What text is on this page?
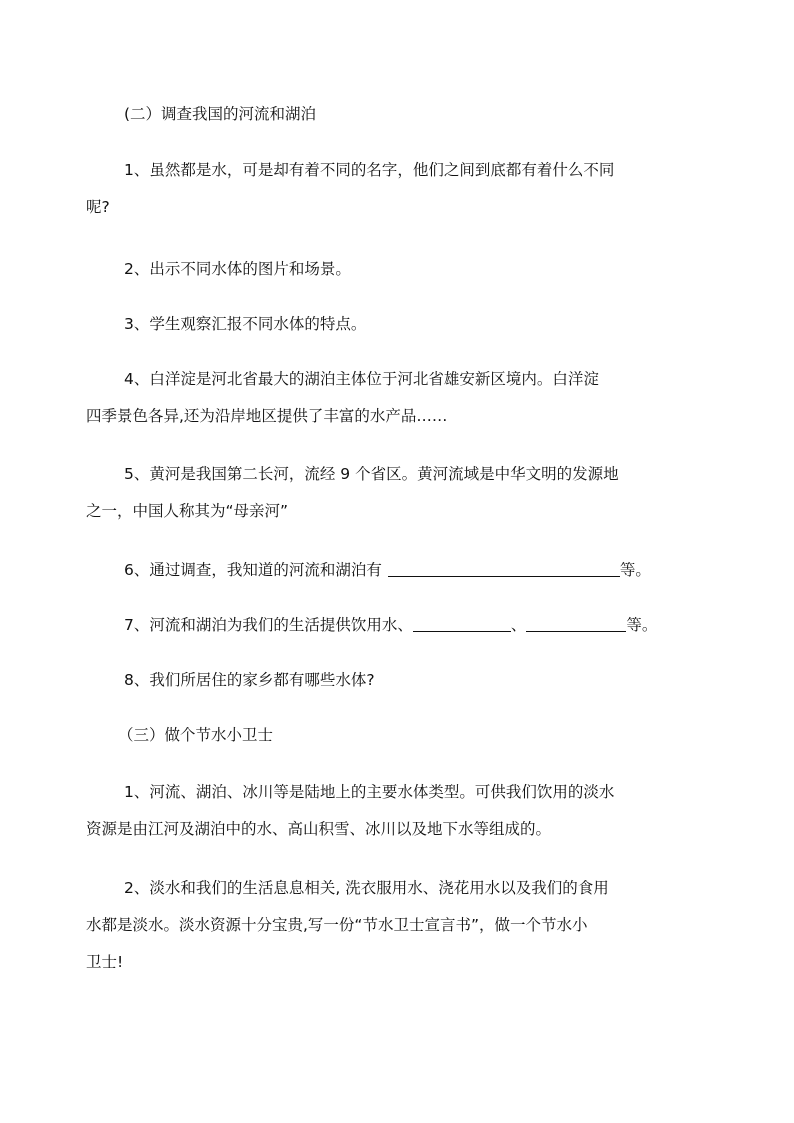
(二）调查我国的河流和湖泊

1、虽然都是水，可是却有着不同的名字，他们之间到底都有着什么不同
呢?

2、出示不同水体的图片和场景。

3、学生观察汇报不同水体的特点。

4、白洋淀是河北省最大的湖泊主体位于河北省雄安新区境内。白洋淀
四季景色各异,还为沿岸地区提供了丰富的水产品……

5、黄河是我国第二长河，流经 9 个省区。黄河流域是中华文明的发源地
之一，中国人称其为“母亲河”

6、通过调查，我知道的河流和湖泊有	等。

7、河流和湖泊为我们的生活提供饮用水、	、	等。

8、我们所居住的家乡都有哪些水体?

（三）做个节水小卫士

1、河流、湖泊、冰川等是陆地上的主要水体类型。可供我们饮用的淡水
资源是由江河及湖泊中的水、高山积雪、冰川以及地下水等组成的。

2、淡水和我们的生活息息相关, 洗衣服用水、浇花用水以及我们的食用
水都是淡水。淡水资源十分宝贵,写一份“节水卫士宣言书”，做一个节水小
卫士!
